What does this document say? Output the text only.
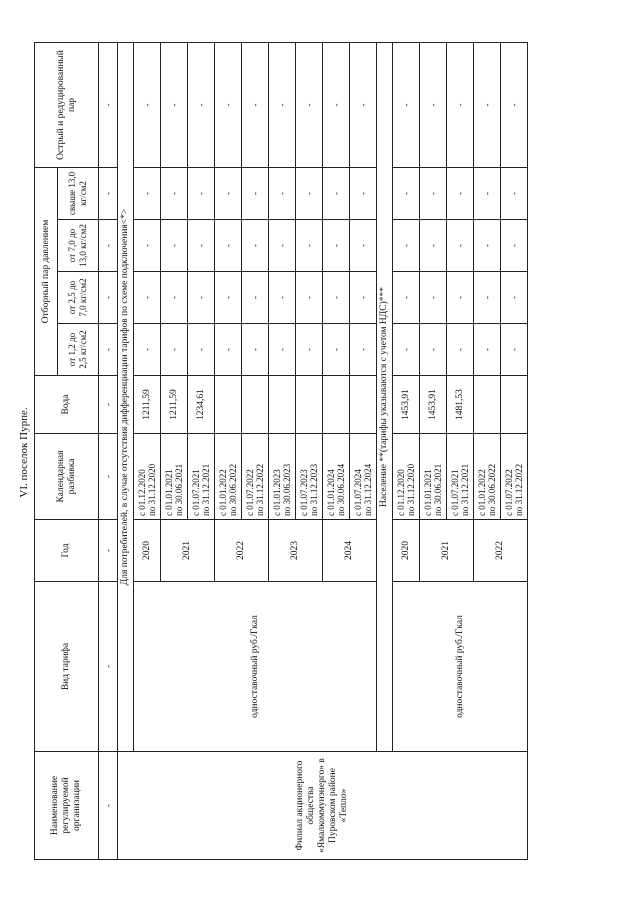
VI. поселок Пурпе.
Наименование регулируемой организации	Вид тарифа	Год	Календарная разбивка	Вода	Отборный пар давлением				Острый и редуцированный пар
					от 1,2 до 2,5 кг/см2	от 2,5 до 7,0 кг/см2	от 7,0 до 13,0 кг/см2	свыше 13,0 кг/см2	
-	-	-	-	-	-	-	-	-	-
Филиал акционерного общества «Ямалкоммунэнерго» в Пуровском районе «Тепло»	Для потребителей, в случае отсутствия дифференциации тарифов по схеме подключения<*>								
	одноставочный руб./Гкал	2020	с 01.12.2020 по 31.12.2020	1211,59	-	-	-	-	-
		2021	с 01.01.2021 по 30.06.2021	1211,59	-	-	-	-	-

			с 01.07.2021 по 31.12.2021	1234,61	-	-	-	-	-
		2022	с 01.01.2022 по 30.06.2022		-	-	-	-	-

			с 01.07.2022 по 31.12.2022		-	-	-	-	-
		2023	с 01.01.2023 по 30.06.2023		-	-	-	-	-

			с 01.07.2023 по 31.12.2023		-	-	-	-	-
		2024	с 01.01.2024 по 30.06.2024		-	-	-	-	-

			с 01.07.2024 по 31.12.2024		-	-	-	-	-
	Население **(тарифы указываются с учетом НДС)***								
	одноставочный руб./Гкал	2020	с 01.12.2020 по 31.12.2020	1453,91	-	-	-	-	-
		2021	с 01.01.2021 по 30.06.2021	1453,91	-	-	-	-	-

			с 01.07.2021 по 31.12.2021	1481,53	-	-	-	-	-
		2022	с 01.01.2022 по 30.06.2022		-	-	-	-	-

			с 01.07.2022 по 31.12.2022		-	-	-	-	-
